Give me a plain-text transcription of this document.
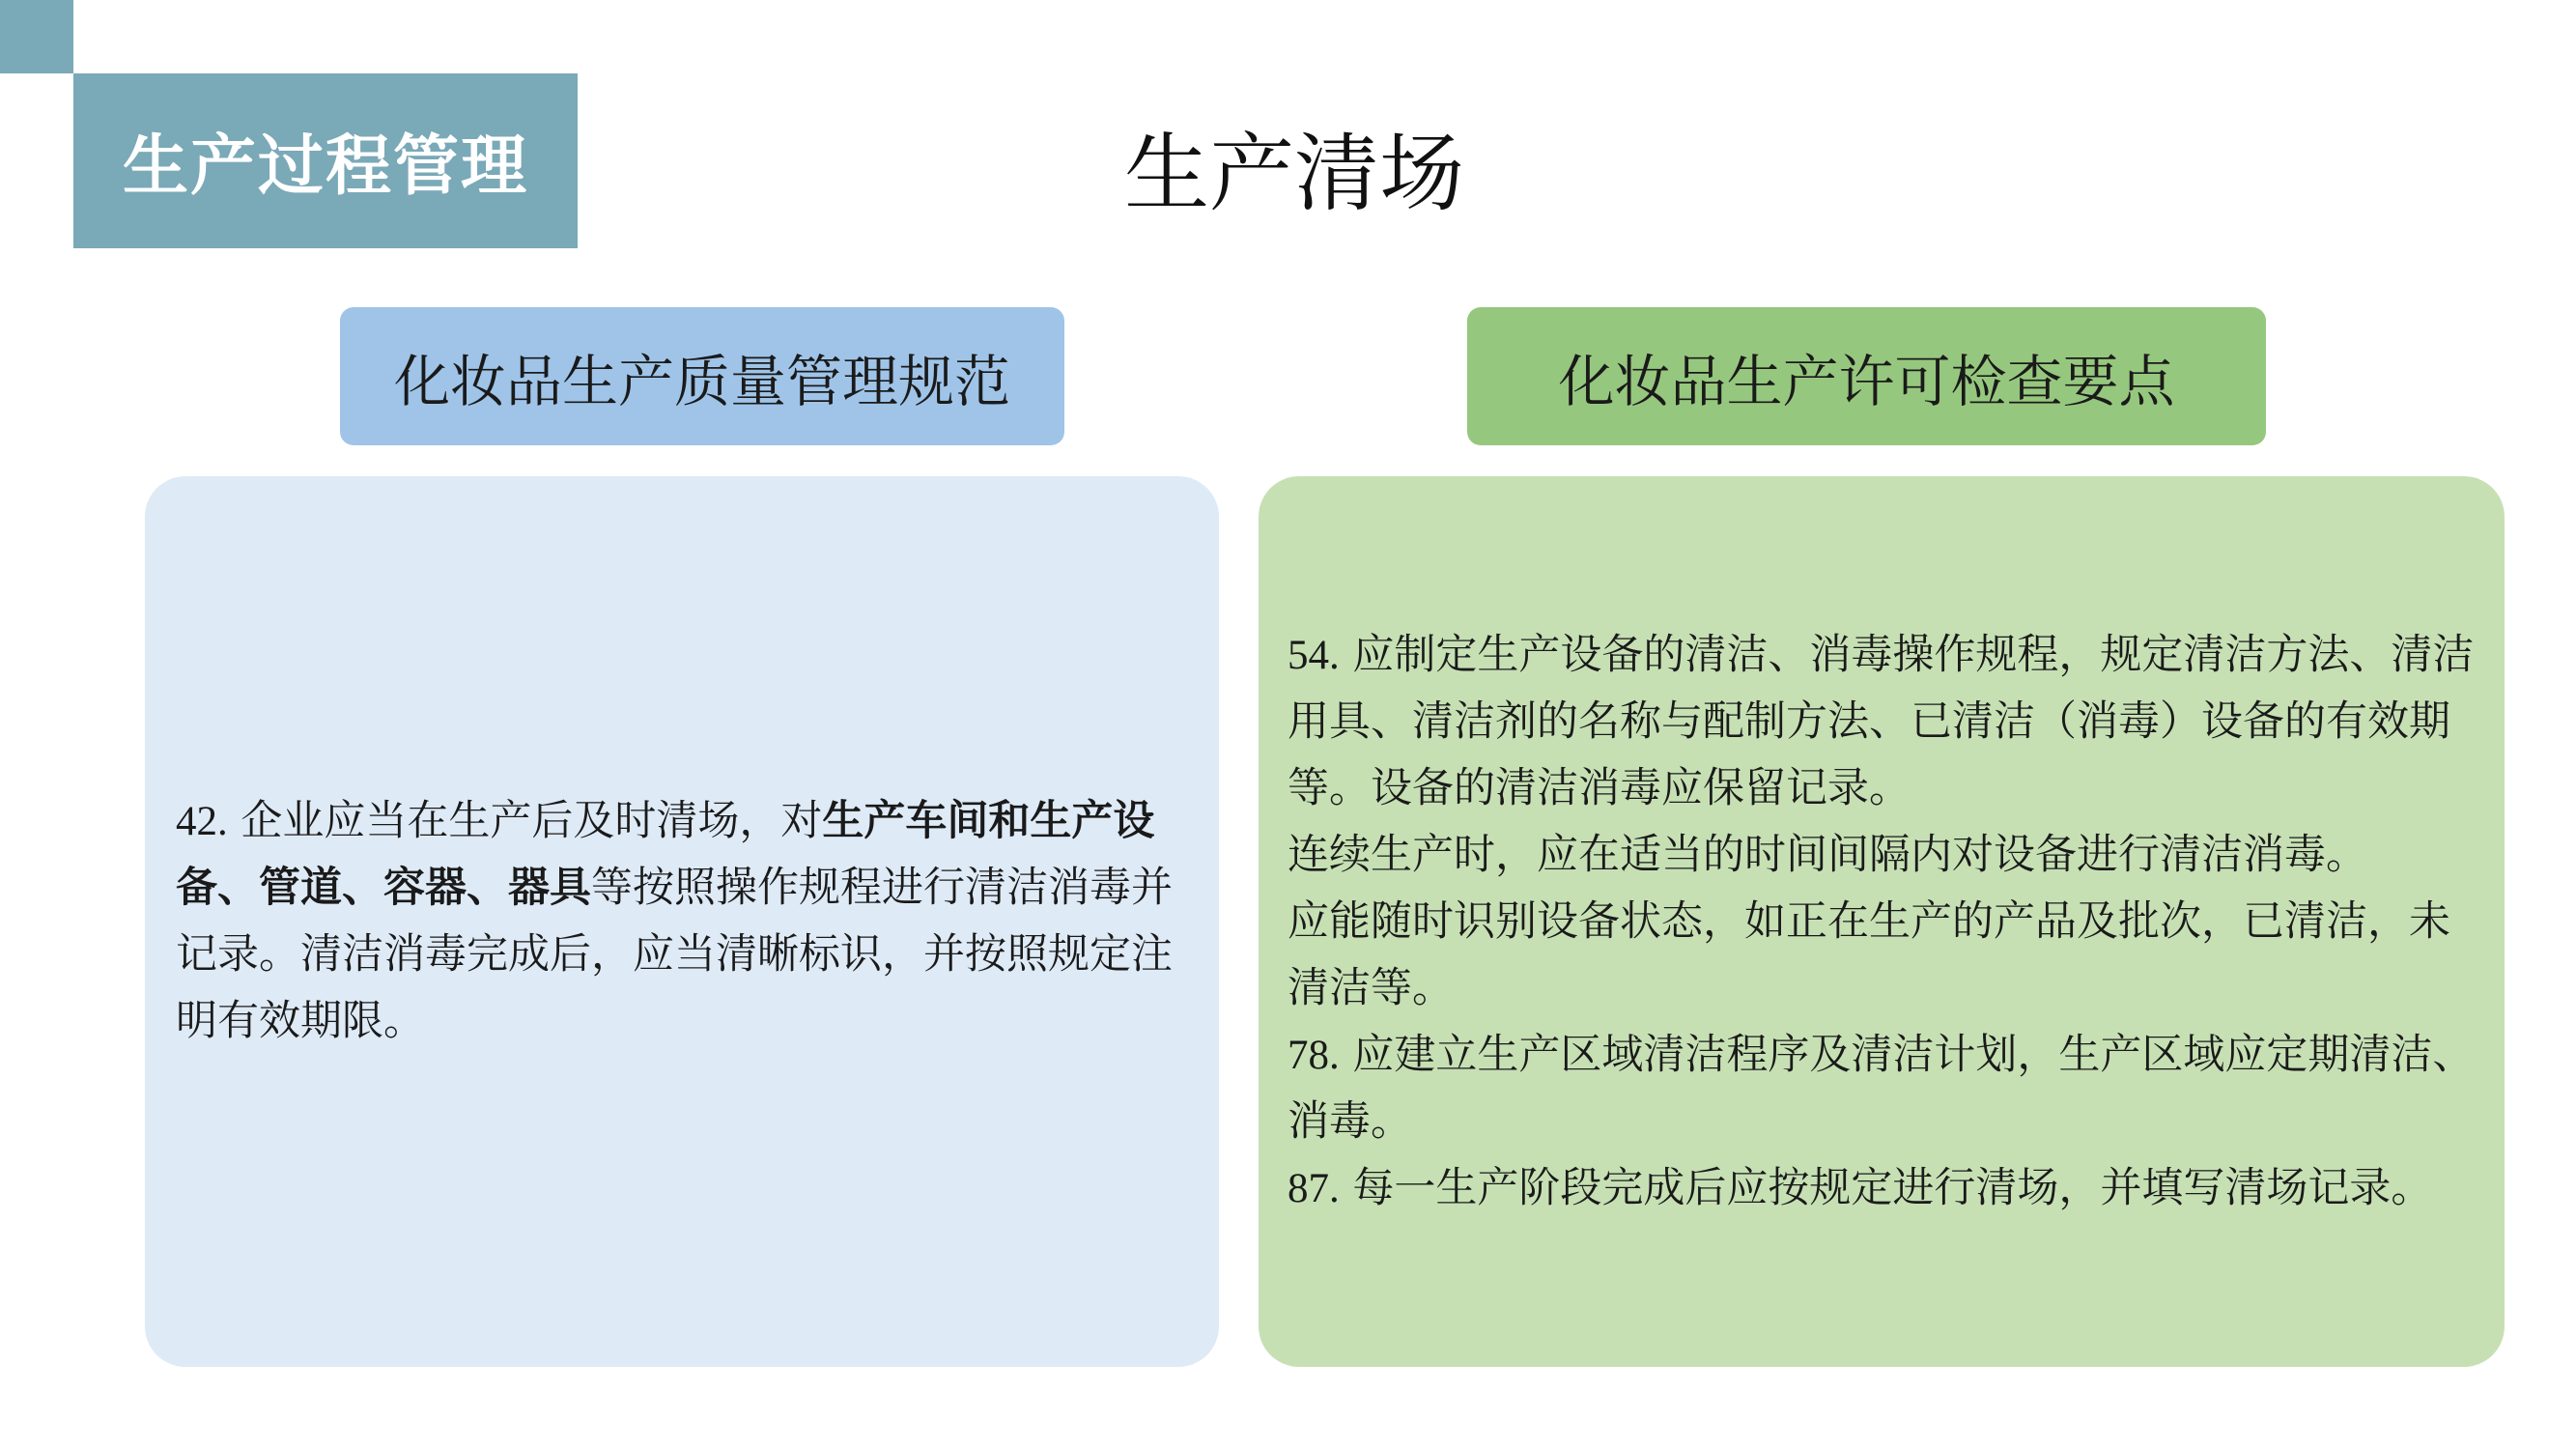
生产过程管理	生产清场
化妆品生产质量管理规范	化妆品生产许可检查要点
42. 企业应当在生产后及时清场，对生产车间和生产设备、管道、容器、器具等按照操作规程进行清洁消毒并记录。清洁消毒完成后，应当清晰标识，并按照规定注明有效期限。

54. 应制定生产设备的清洁、消毒操作规程，规定清洁方法、清洁用具、清洁剂的名称与配制方法、已清洁（消毒）设备的有效期等。设备的清洁消毒应保留记录。

连续生产时，应在适当的时间间隔内对设备进行清洁消毒。

应能随时识别设备状态，如正在生产的产品及批次，已清洁，未清洁等。

78. 应建立生产区域清洁程序及清洁计划，生产区域应定期清洁、消毒。

87. 每一生产阶段完成后应按规定进行清场，并填写清场记录。
